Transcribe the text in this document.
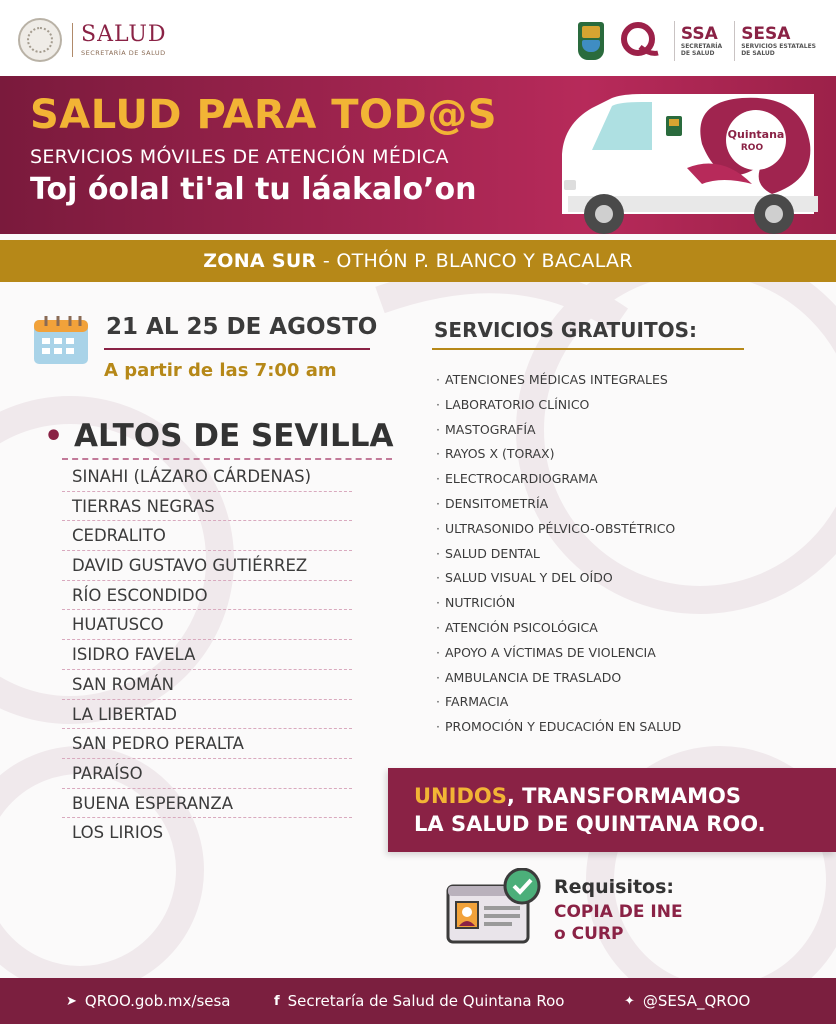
SALUD
SECRETARÍA DE SALUD
SSA
SECRETARÍA
DE SALUD
SESA
SERVICIOS ESTATALES
DE SALUD
SALUD PARA TOD@S
SERVICIOS MÓVILES DE ATENCIÓN MÉDICA
Toj óolal ti'al tu láakalo’on
Quintana
ROO
ZONA SUR - OTHÓN P. BLANCO Y BACALAR
21 AL 25 DE AGOSTO
A partir de las 7:00 am
• ALTOS DE SEVILLA
SINAHI (LÁZARO CÁRDENAS)
TIERRAS NEGRAS
CEDRALITO
DAVID GUSTAVO GUTIÉRREZ
RÍO ESCONDIDO
HUATUSCO
ISIDRO FAVELA
SAN ROMÁN
LA LIBERTAD
SAN PEDRO PERALTA
PARAÍSO
BUENA ESPERANZA
LOS LIRIOS
SERVICIOS GRATUITOS:
· ATENCIONES MÉDICAS INTEGRALES
· LABORATORIO CLÍNICO
· MASTOGRAFÍA
· RAYOS X (TORAX)
· ELECTROCARDIOGRAMA
· DENSITOMETRÍA
· ULTRASONIDO PÉLVICO-OBSTÉTRICO
· SALUD DENTAL
· SALUD VISUAL Y DEL OÍDO
· NUTRICIÓN
· ATENCIÓN PSICOLÓGICA
· APOYO A VÍCTIMAS DE VIOLENCIA
· AMBULANCIA DE TRASLADO
· FARMACIA
· PROMOCIÓN Y EDUCACIÓN EN SALUD
UNIDOS, TRANSFORMAMOS
LA SALUD DE QUINTANA ROO.
Requisitos:
COPIA DE INE
o CURP
➤ QROO.gob.mx/sesa	f Secretaría de Salud de Quintana Roo	✦ @SESA_QROO
